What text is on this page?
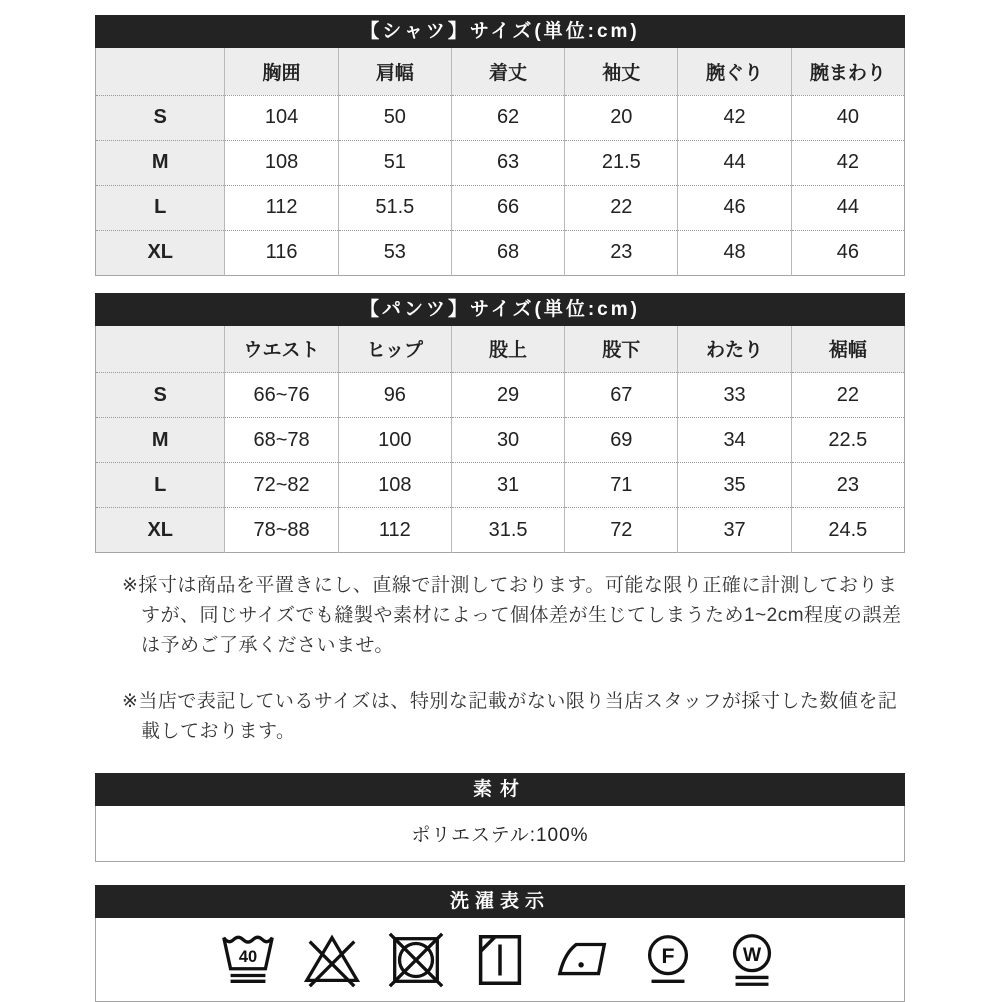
【シャツ】サイズ(単位:cm)
	胸囲	肩幅	着丈	袖丈	腕ぐり	腕まわり
S	104	50	62	20	42	40
M	108	51	63	21.5	44	42
L	112	51.5	66	22	46	44
XL	116	53	68	23	48	46
【パンツ】サイズ(単位:cm)
	ウエスト	ヒップ	股上	股下	わたり	裾幅
S	66~76	96	29	67	33	22
M	68~78	100	30	69	34	22.5
L	72~82	108	31	71	35	23
XL	78~88	112	31.5	72	37	24.5

※採寸は商品を平置きにし、直線で計測しております。可能な限り正確に計測しておりますが、同じサイズでも縫製や素材によって個体差が生じてしまうため1~2cm程度の誤差は予めご了承くださいませ。

※当店で表記しているサイズは、特別な記載がない限り当店スタッフが採寸した数値を記載しております。

素材
ポリエステル:100%
洗濯表示
40	F	W
